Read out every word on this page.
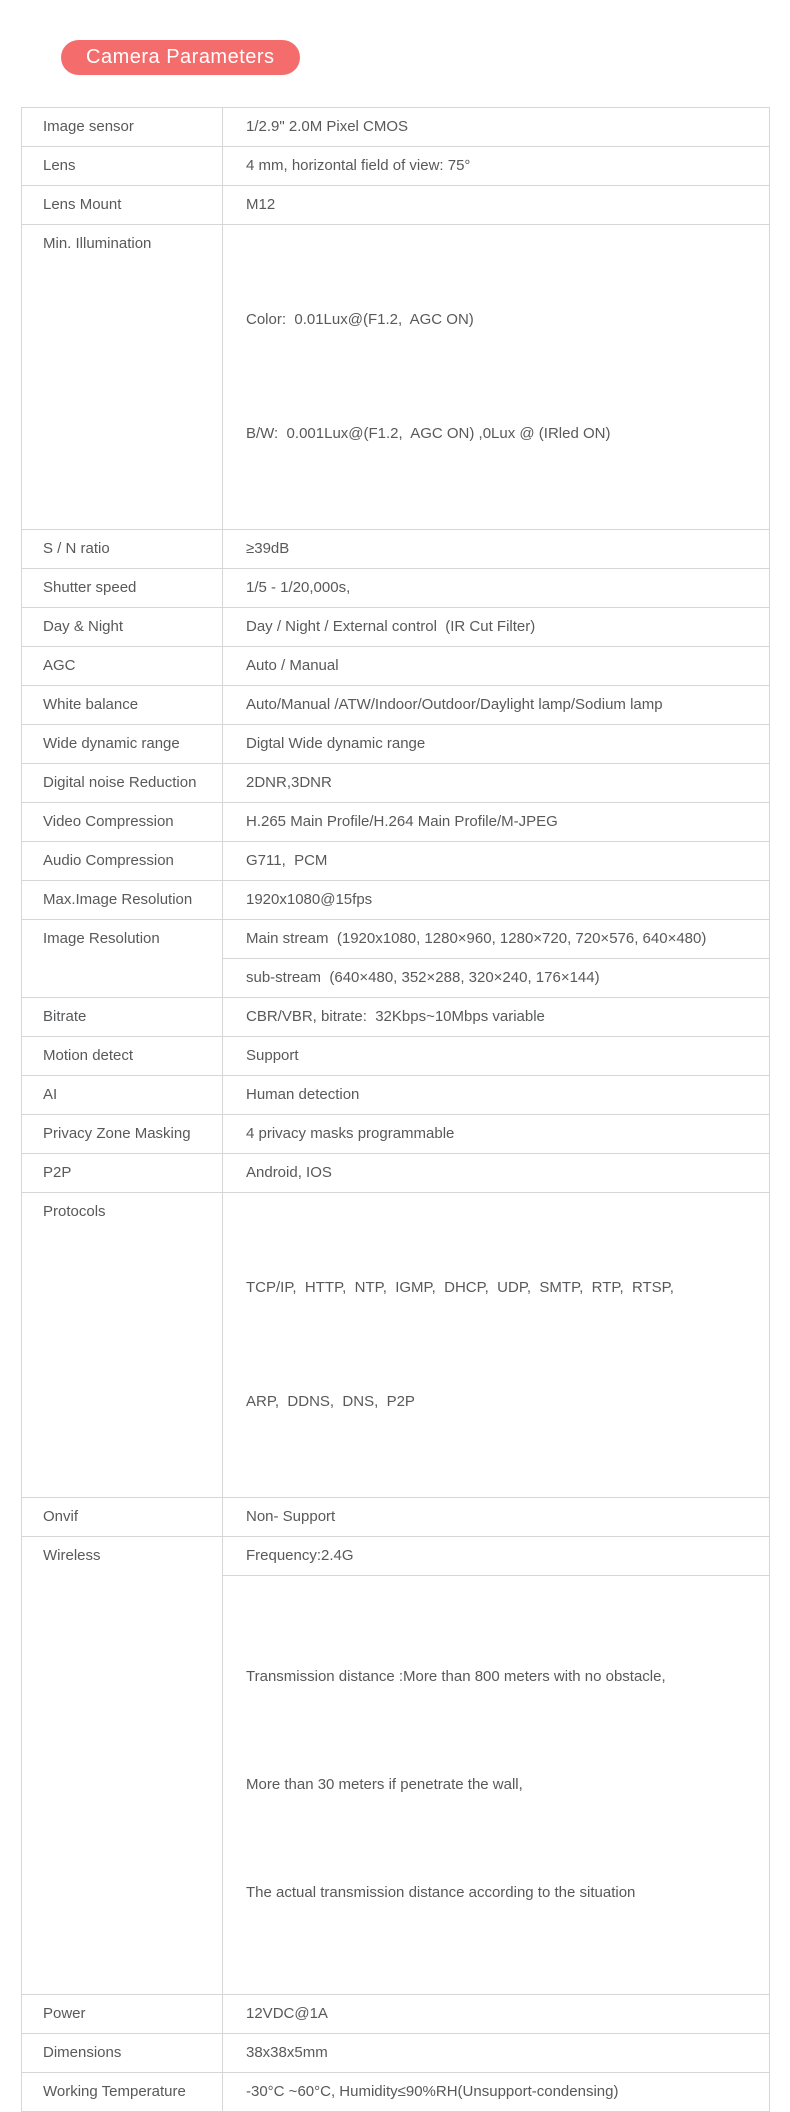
Camera Parameters
Image sensor	1/2.9" 2.0M Pixel CMOS
Lens	4 mm, horizontal field of view: 75°
Lens Mount	M12
Min. Illumination	Color:  0.01Lux@(F1.2,  AGC ON)

B/W:  0.001Lux@(F1.2,  AGC ON) ,0Lux @ (IRled ON)

S / N ratio	≥39dB
Shutter speed	1/5 - 1/20,000s,
Day & Night	Day / Night / External control  (IR Cut Filter)
AGC	Auto / Manual
White balance	Auto/Manual /ATW/Indoor/Outdoor/Daylight lamp/Sodium lamp
Wide dynamic range	Digtal Wide dynamic range
Digital noise Reduction	2DNR,3DNR
Video Compression	H.265 Main Profile/H.264 Main Profile/M-JPEG
Audio Compression	G711,  PCM
Max.Image Resolution	1920x1080@15fps
Image Resolution	Main stream  (1920x1080, 1280×960, 1280×720, 720×576, 640×480)
	sub-stream  (640×480, 352×288, 320×240, 176×144)
Bitrate	CBR/VBR, bitrate:  32Kbps~10Mbps variable
Motion detect	Support
AI	Human detection
Privacy Zone Masking	4 privacy masks programmable
P2P	Android, IOS
Protocols	TCP/IP,  HTTP,  NTP,  IGMP,  DHCP,  UDP,  SMTP,  RTP,  RTSP,

ARP,  DDNS,  DNS,  P2P

Onvif	Non- Support
Wireless	Frequency:2.4G

	Transmission distance :More than 800 meters with no obstacle,

More than 30 meters if penetrate the wall,

The actual transmission distance according to the situation

Power	12VDC@1A
Dimensions	38x38x5mm
Working Temperature	-30°C ~60°C, Humidity≤90%RH(Unsupport-condensing)
